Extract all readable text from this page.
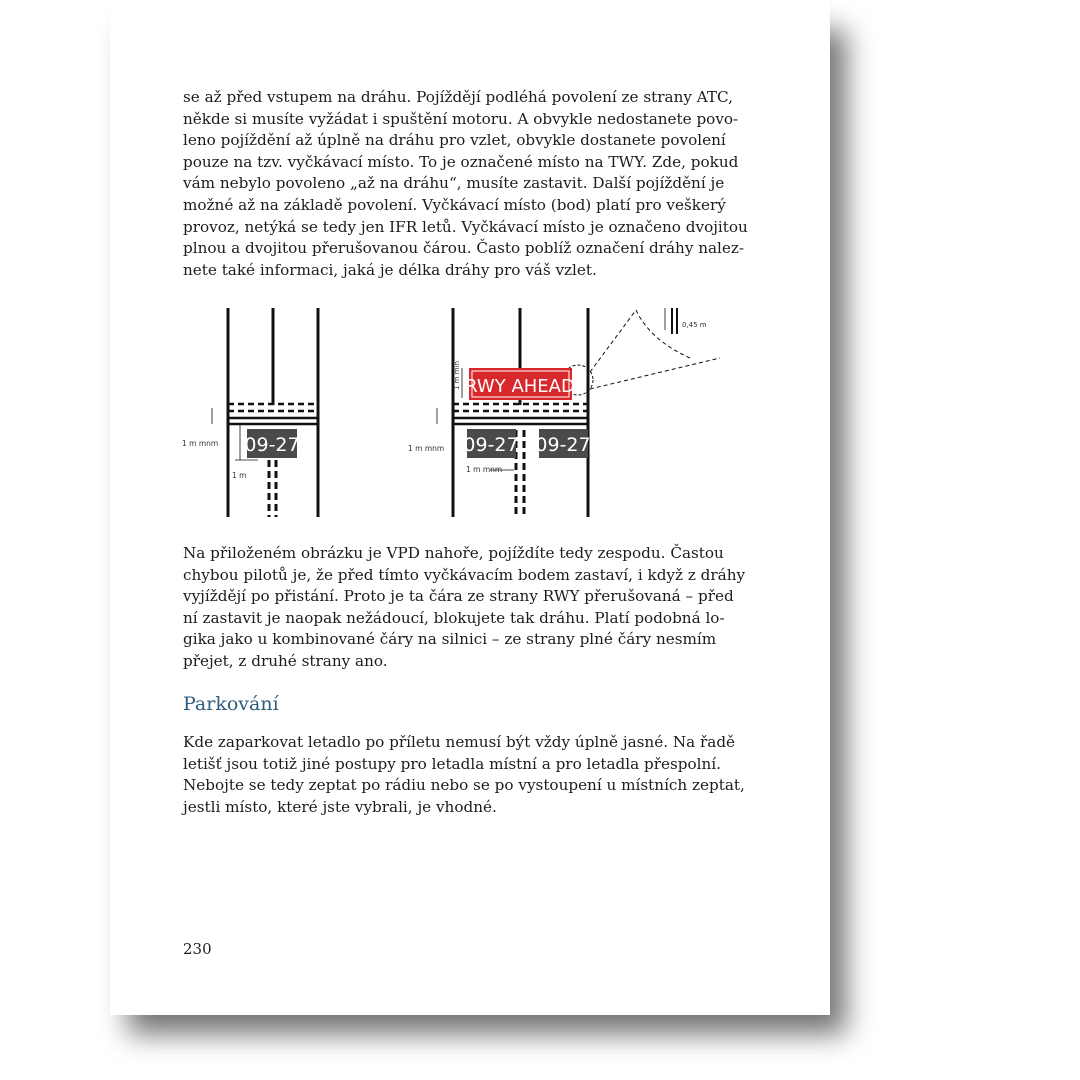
se až před vstupem na dráhu. Pojíždějí podléhá povolení ze strany ATC,
někde si musíte vyžádat i spuštění motoru. A obvykle nedostanete povo-
leno pojíždění až úplně na dráhu pro vzlet, obvykle dostanete povolení
pouze na tzv. vyčkávací místo. To je označené místo na TWY. Zde, pokud
vám nebylo povoleno „až na dráhu“, musíte zastavit. Další pojíždění je
možné až na základě povolení. Vyčkávací místo (bod) platí pro veškerý
provoz, netýká se tedy jen IFR letů. Vyčkávací místo je označeno dvojitou
plnou a dvojitou přerušovanou čárou. Často poblíž označení dráhy nalez-
nete také informaci, jaká je délka dráhy pro váš vzlet.

09-27
1 m mnm
1 m
RWY AHEAD
1 m min
09-27 09-27
1 m mnm
1 m mnm
0,45 m

Na přiloženém obrázku je VPD nahoře, pojíždíte tedy zespodu. Častou
chybou pilotů je, že před tímto vyčkávacím bodem zastaví, i když z dráhy
vyjíždějí po přistání. Proto je ta čára ze strany RWY přerušovaná – před
ní zastavit je naopak nežádoucí, blokujete tak dráhu. Platí podobná lo-
gika jako u kombinované čáry na silnici – ze strany plné čáry nesmím
přejet, z druhé strany ano.

Parkování

Kde zaparkovat letadlo po příletu nemusí být vždy úplně jasné. Na řadě
letišť jsou totiž jiné postupy pro letadla místní a pro letadla přespolní.
Nebojte se tedy zeptat po rádiu nebo se po vystoupení u místních zeptat,
jestli místo, které jste vybrali, je vhodné.

230
